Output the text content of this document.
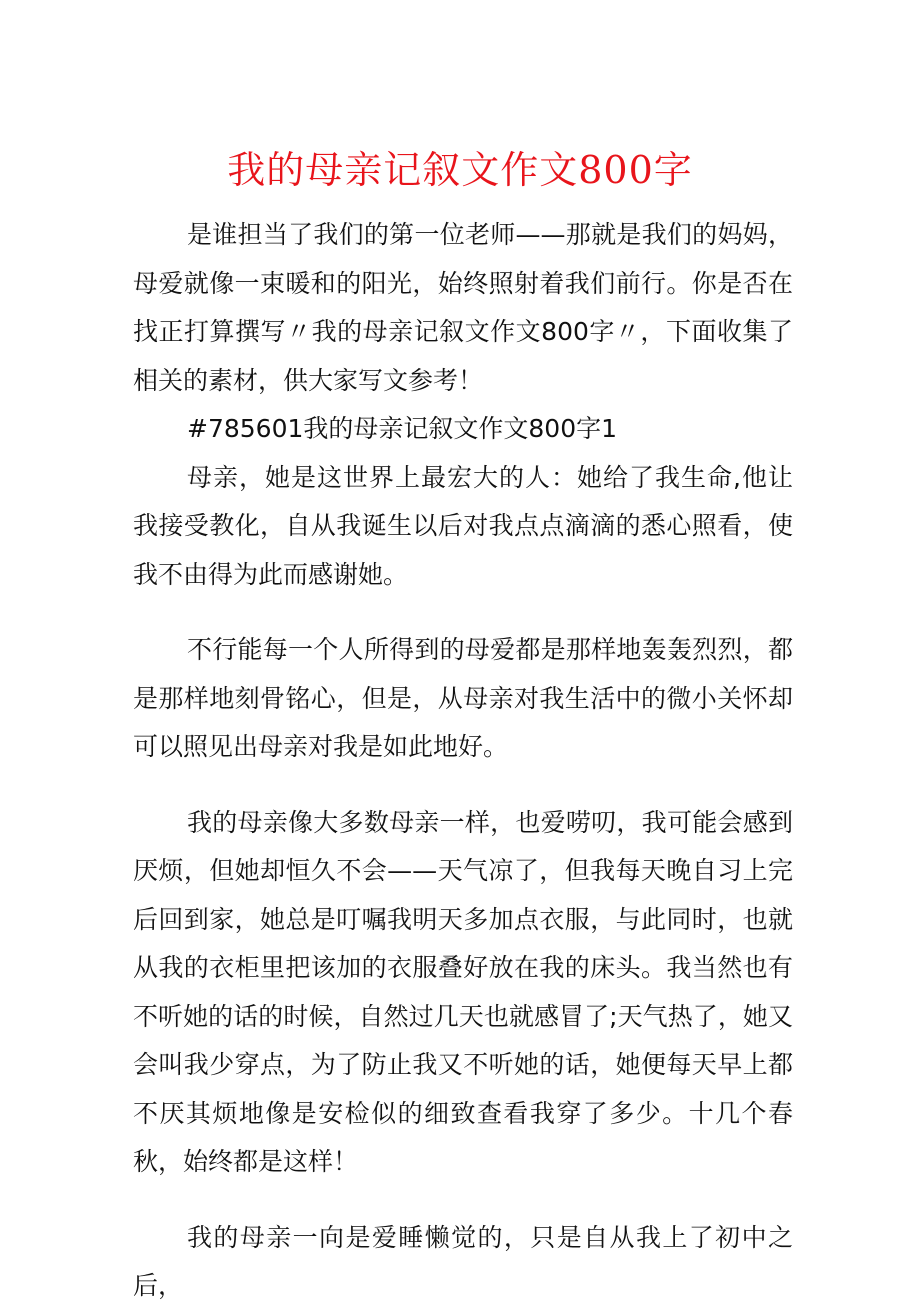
我的母亲记叙文作文800字

是谁担当了我们的第一位老师——那就是我们的妈妈，母爱就像一束暖和的阳光，始终照射着我们前行。你是否在找正打算撰写〃我的母亲记叙文作文800字〃，下面收集了相关的素材，供大家写文参考！

#785601我的母亲记叙文作文800字1

母亲，她是这世界上最宏大的人：她给了我生命,他让我接受教化，自从我诞生以后对我点点滴滴的悉心照看，使我不由得为此而感谢她。

不行能每一个人所得到的母爱都是那样地轰轰烈烈，都是那样地刻骨铭心，但是，从母亲对我生活中的微小关怀却可以照见出母亲对我是如此地好。

我的母亲像大多数母亲一样，也爱唠叨，我可能会感到厌烦，但她却恒久不会——天气凉了，但我每天晚自习上完后回到家，她总是叮嘱我明天多加点衣服，与此同时，也就从我的衣柜里把该加的衣服叠好放在我的床头。我当然也有不听她的话的时候，自然过几天也就感冒了;天气热了，她又会叫我少穿点，为了防止我又不听她的话，她便每天早上都不厌其烦地像是安检似的细致查看我穿了多少。十几个春秋，始终都是这样！

我的母亲一向是爱睡懒觉的，只是自从我上了初中之后，
